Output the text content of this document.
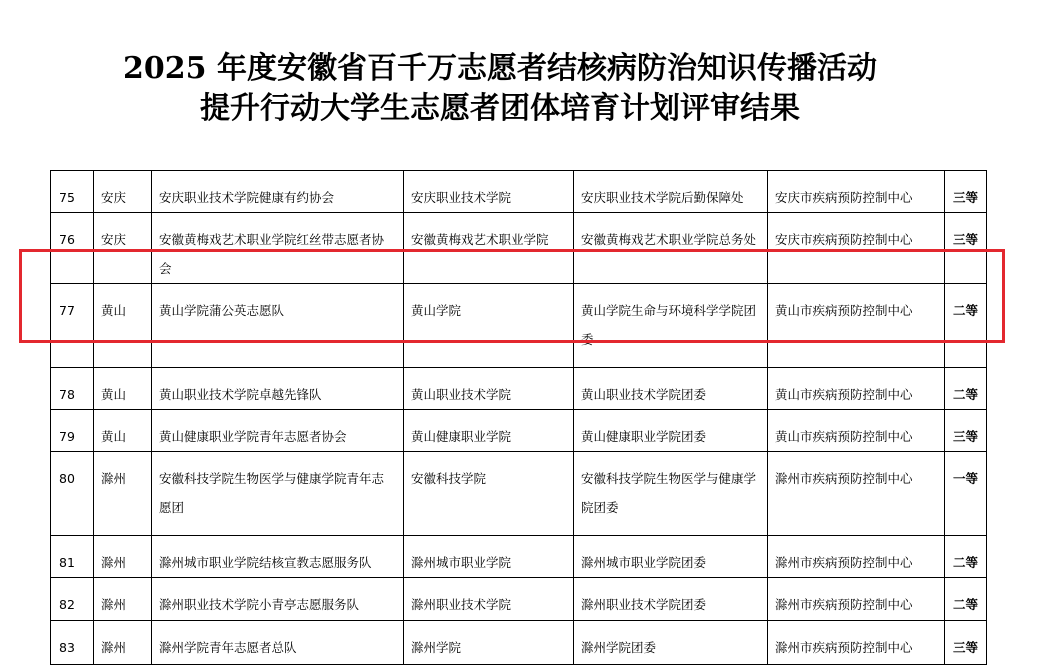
2025 年度安徽省百千万志愿者结核病防治知识传播活动
提升行动大学生志愿者团体培育计划评审结果
75	安庆	安庆职业技术学院健康有约协会	安庆职业技术学院	安庆职业技术学院后勤保障处	安庆市疾病预防控制中心	三等
76	安庆	安徽黄梅戏艺术职业学院红丝带志愿者协会	安徽黄梅戏艺术职业学院	安徽黄梅戏艺术职业学院总务处	安庆市疾病预防控制中心	三等
77	黄山	黄山学院蒲公英志愿队	黄山学院	黄山学院生命与环境科学学院团委	黄山市疾病预防控制中心	二等
78	黄山	黄山职业技术学院卓越先锋队	黄山职业技术学院	黄山职业技术学院团委	黄山市疾病预防控制中心	二等
79	黄山	黄山健康职业学院青年志愿者协会	黄山健康职业学院	黄山健康职业学院团委	黄山市疾病预防控制中心	三等
80	滁州	安徽科技学院生物医学与健康学院青年志愿团	安徽科技学院	安徽科技学院生物医学与健康学院团委	滁州市疾病预防控制中心	一等
81	滁州	滁州城市职业学院结核宣教志愿服务队	滁州城市职业学院	滁州城市职业学院团委	滁州市疾病预防控制中心	二等
82	滁州	滁州职业技术学院小青亭志愿服务队	滁州职业技术学院	滁州职业技术学院团委	滁州市疾病预防控制中心	二等
83	滁州	滁州学院青年志愿者总队	滁州学院	滁州学院团委	滁州市疾病预防控制中心	三等
